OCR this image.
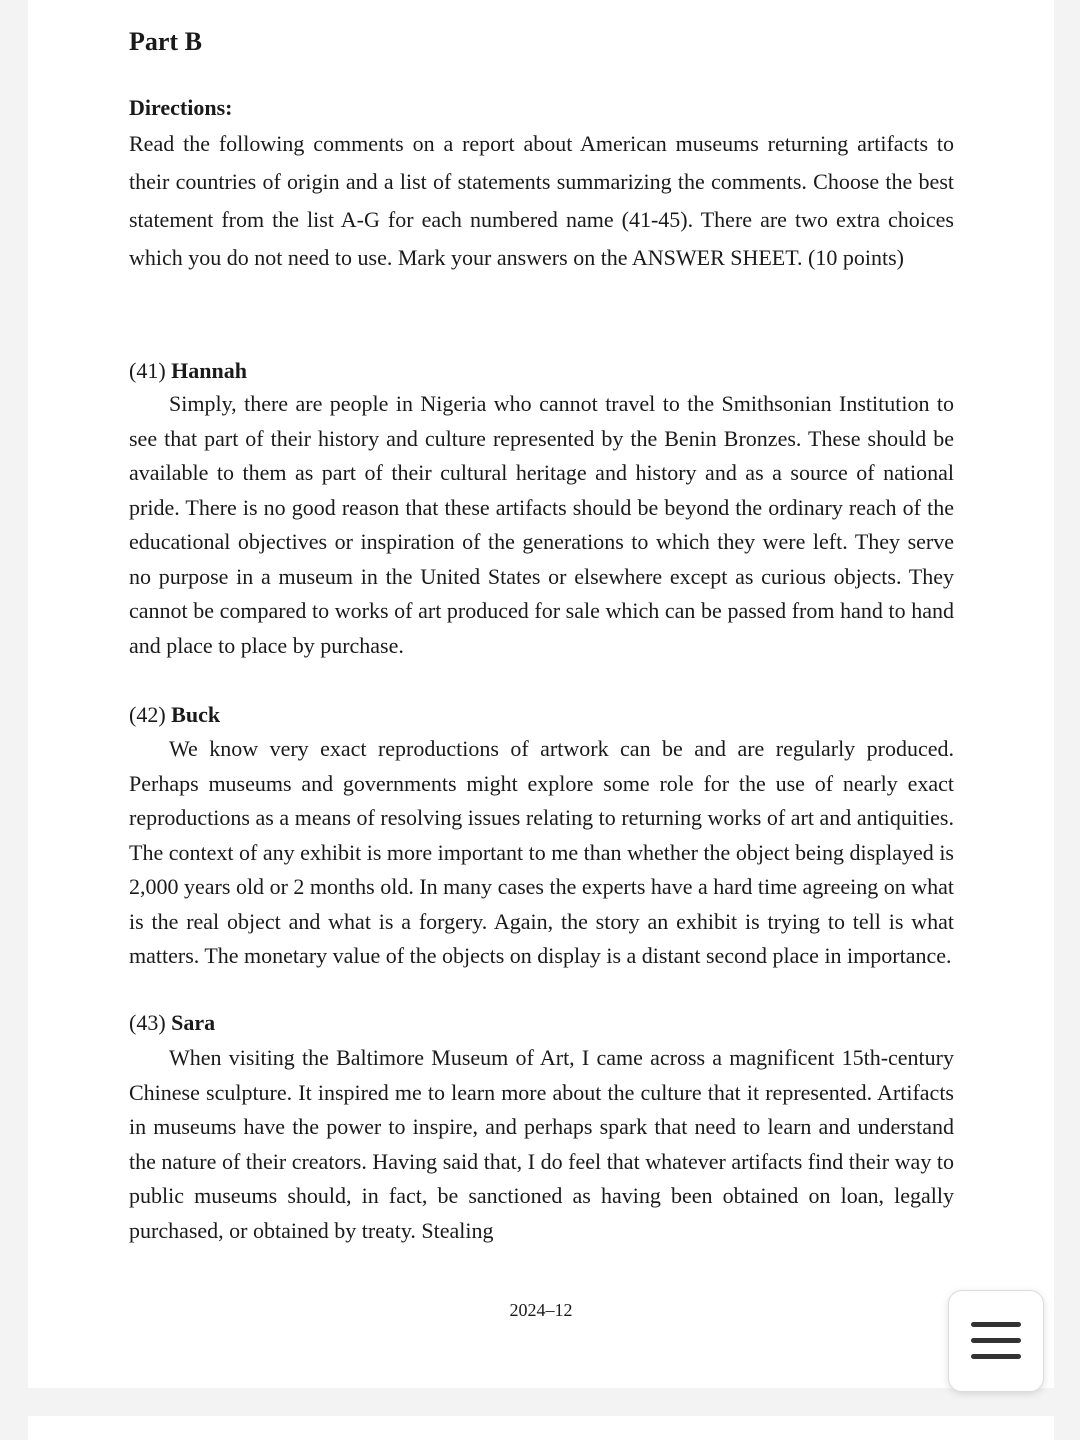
Part B
Directions:

Read the following comments on a report about American museums returning artifacts to their countries of origin and a list of statements summarizing the comments. Choose the best statement from the list A-G for each numbered name (41-45). There are two extra choices which you do not need to use. Mark your answers on the ANSWER SHEET. (10 points)

(41) Hannah

Simply, there are people in Nigeria who cannot travel to the Smithsonian Institution to see that part of their history and culture represented by the Benin Bronzes. These should be available to them as part of their cultural heritage and history and as a source of national pride. There is no good reason that these artifacts should be beyond the ordinary reach of the educational objectives or inspiration of the generations to which they were left. They serve no purpose in a museum in the United States or elsewhere except as curious objects. They cannot be compared to works of art produced for sale which can be passed from hand to hand and place to place by purchase.

(42) Buck

We know very exact reproductions of artwork can be and are regularly produced. Perhaps museums and governments might explore some role for the use of nearly exact reproductions as a means of resolving issues relating to returning works of art and antiquities. The context of any exhibit is more important to me than whether the object being displayed is 2,000 years old or 2 months old. In many cases the experts have a hard time agreeing on what is the real object and what is a forgery. Again, the story an exhibit is trying to tell is what matters. The monetary value of the objects on display is a distant second place in importance.

(43) Sara

When visiting the Baltimore Museum of Art, I came across a magnificent 15th-century Chinese sculpture. It inspired me to learn more about the culture that it represented. Artifacts in museums have the power to inspire, and perhaps spark that need to learn and understand the nature of their creators. Having said that, I do feel that whatever artifacts find their way to public museums should, in fact, be sanctioned as having been obtained on loan, legally purchased, or obtained by treaty. Stealing

2024‒12
